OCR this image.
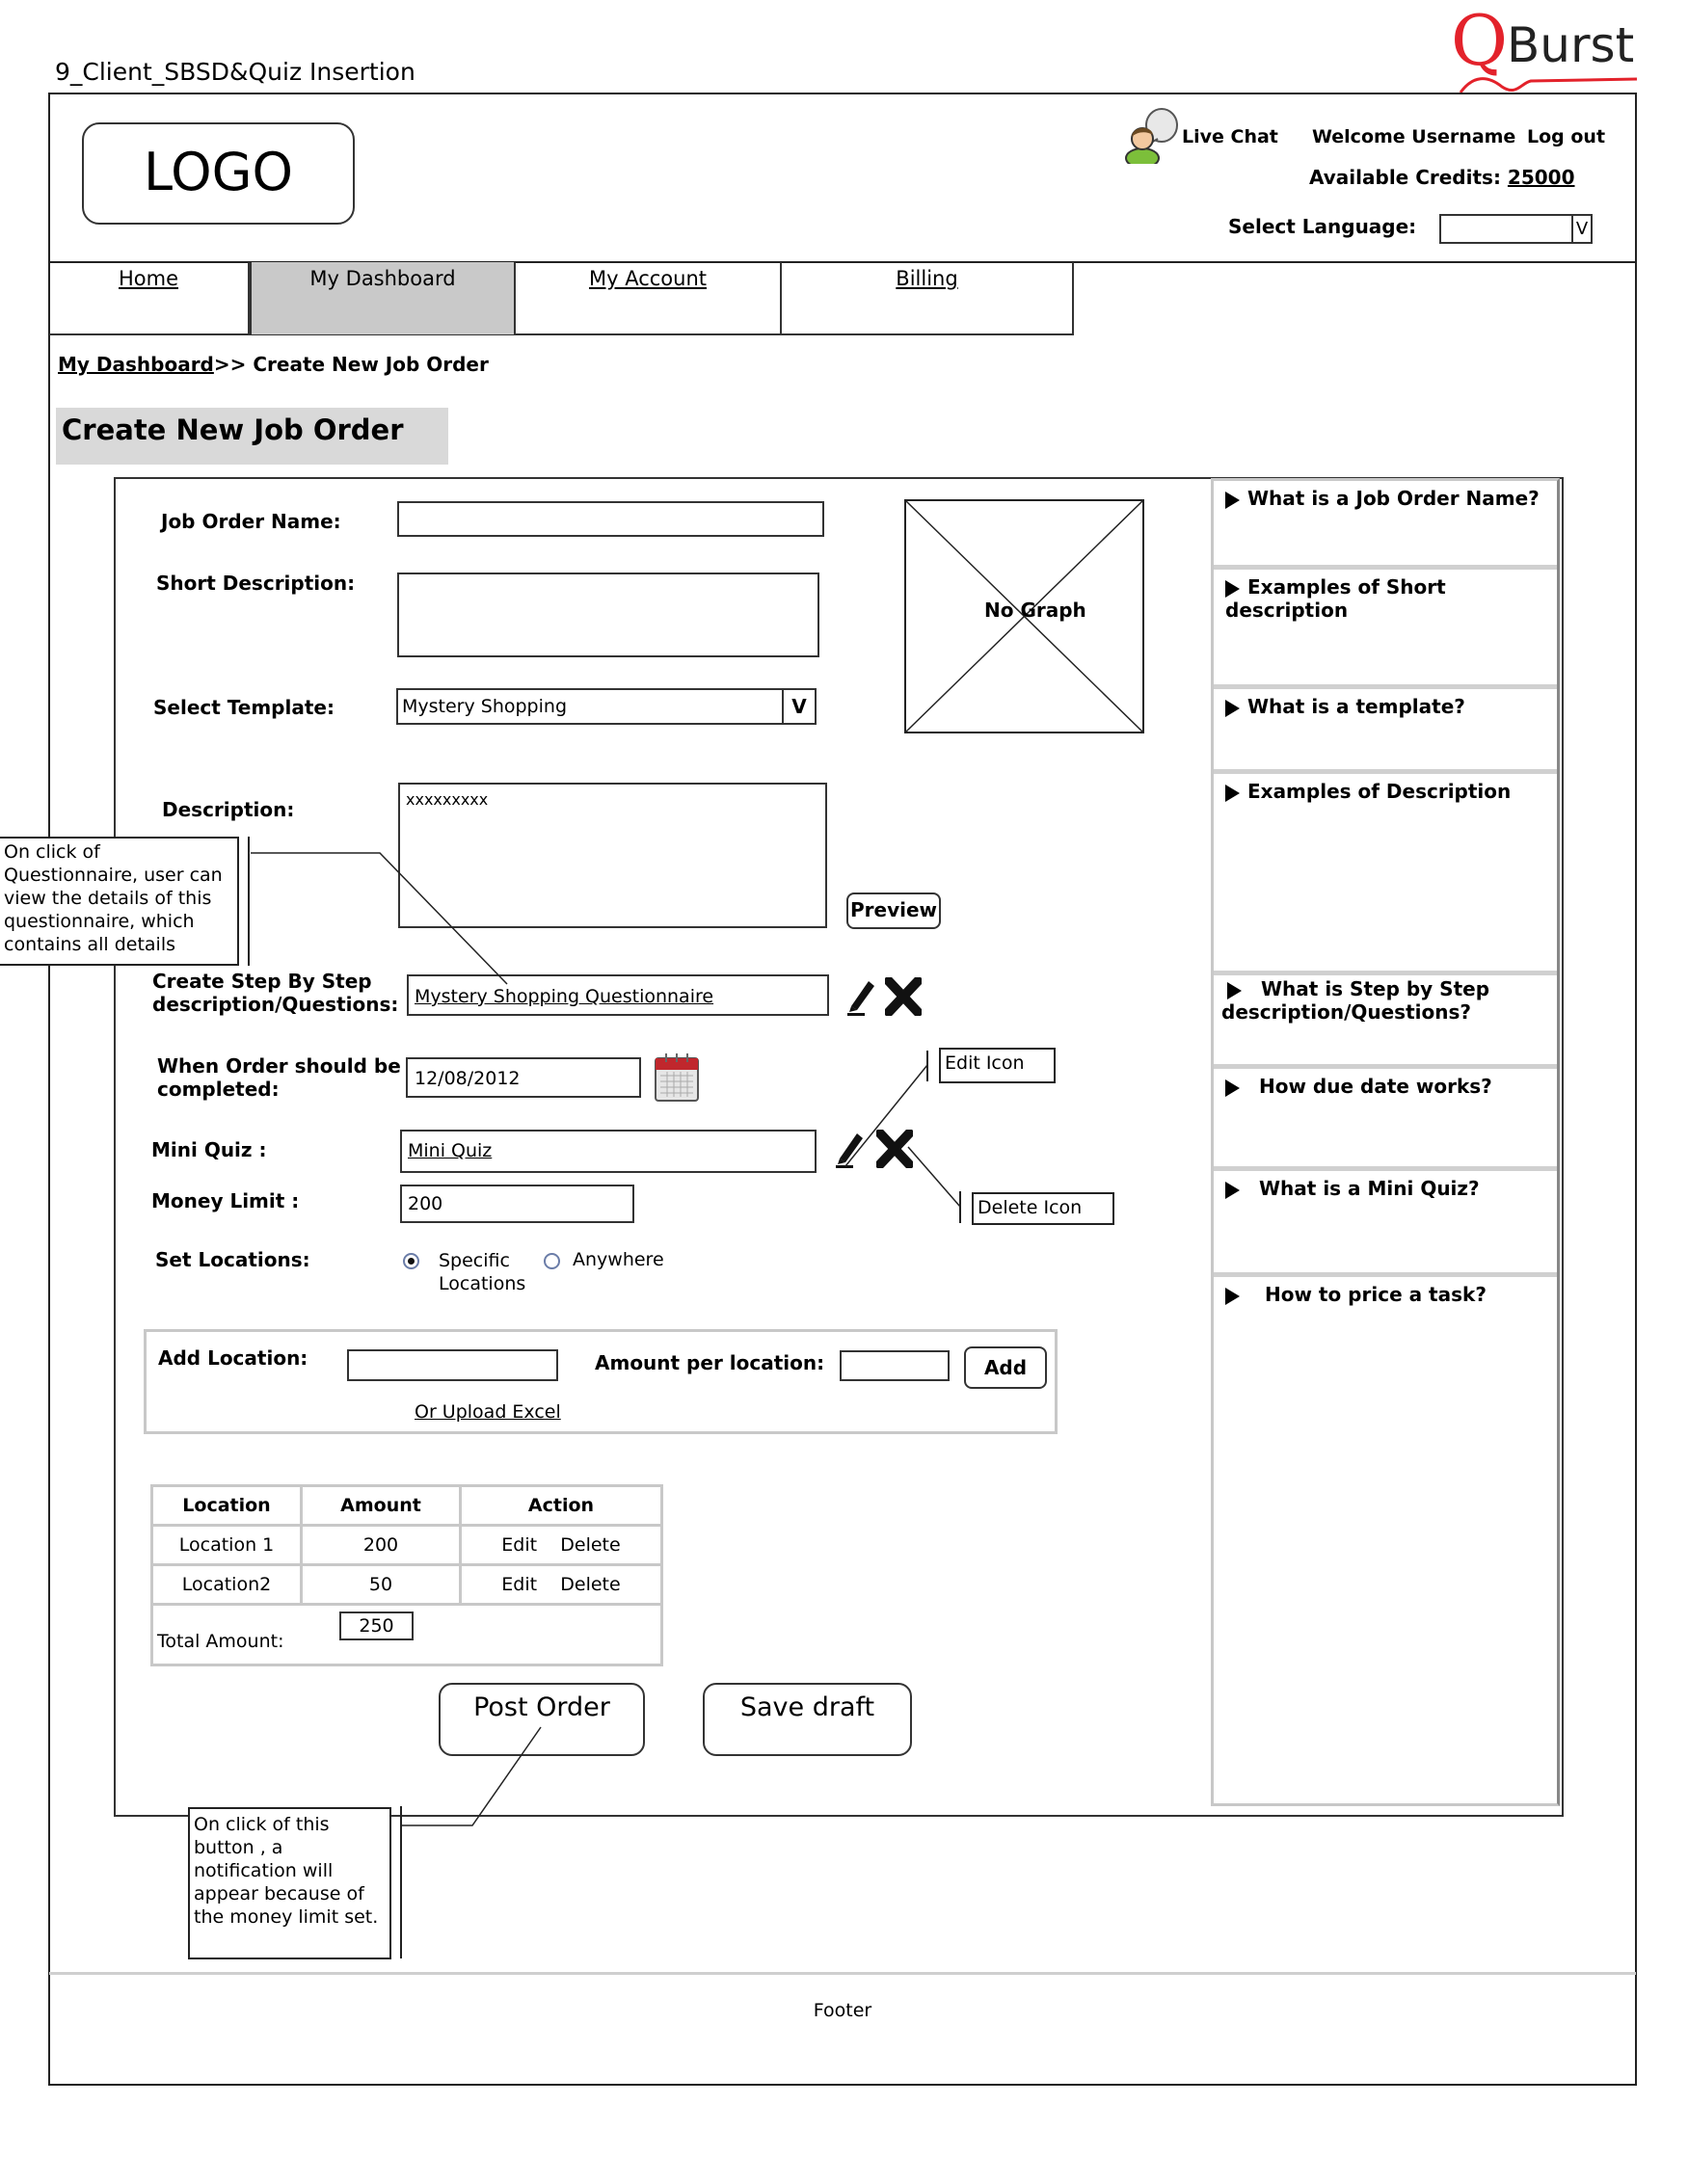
9_Client_SBSD&Quiz Insertion	Q
Burst
LOGO
Live Chat Welcome Username Log out
Available Credits: 25000
Select Language:	V
Home	My Dashboard	My Account	Billing
My Dashboard>> Create New Job Order
Create New Job Order
Job Order Name:
Short Description:
No Graph
Select Template:	Mystery Shopping	V
Description:	xxxxxxxxx
Preview
Create Step By Step
description/Questions: Mystery Shopping Questionnaire
When Order should be
completed:	12/08/2012
Mini Quiz :	Mini Quiz
Money Limit :	200
Set Locations:	Specific
Locations
Anywhere
Add Location:	Amount per location:	Add
Or Upload Excel
Location	Amount	Action
Location 1	200	Edit Delete
Location2	50	Edit Delete

Total Amount:
250		
Post Order	Save draft
What is a Job Order Name?
Examples of Short description
What is a template?
Examples of Description
What is Step by Step
description/Questions?
How due date works?
What is a Mini Quiz?
How to price a task?
On click of
Questionnaire, user can
view the details of this
questionnaire, which
contains all details
Edit Icon
Delete Icon
On click of this
button , a
notification will
appear because of
the money limit set.
Footer
